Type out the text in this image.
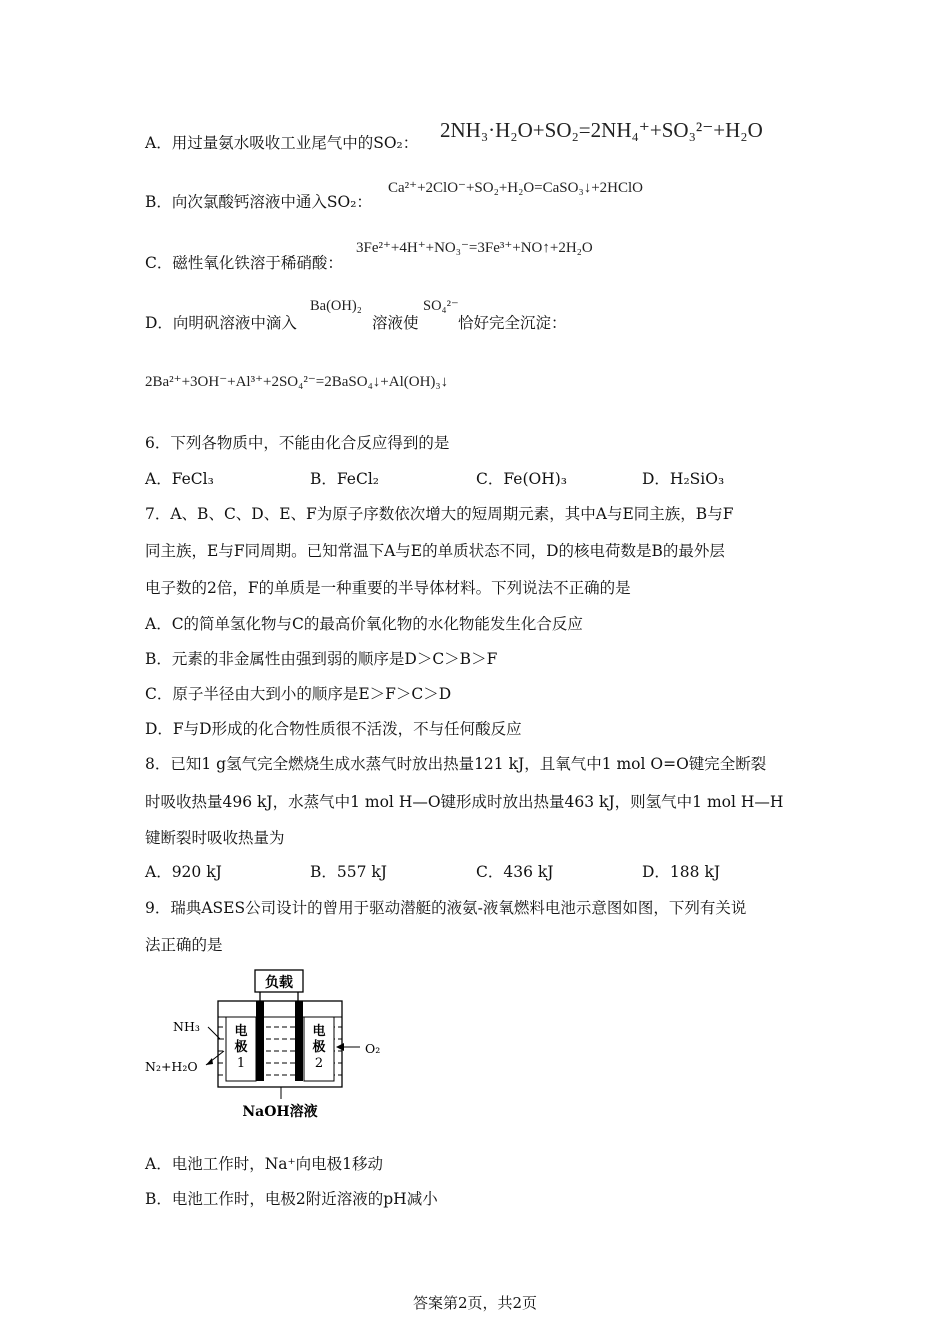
A．用过量氨水吸收工业尾气中的SO₂：
2NH₃·H₂O+SO₂=2NH₄⁺+SO₃²⁻+H₂O
B．向次氯酸钙溶液中通入SO₂：
Ca²⁺+2ClO⁻+SO₂+H₂O=CaSO₃↓+2HClO
C．磁性氧化铁溶于稀硝酸：
3Fe²⁺+4H⁺+NO₃⁻=3Fe³⁺+NO↑+2H₂O
D．向明矾溶液中滴入
Ba(OH)₂
溶液使
SO₄²⁻
恰好完全沉淀：
2Ba²⁺+3OH⁻+Al³⁺+2SO₄²⁻=2BaSO₄↓+Al(OH)₃↓
6．下列各物质中，不能由化合反应得到的是
A．FeCl₃	B．FeCl₂	C．Fe(OH)₃	D．H₂SiO₃
7．A、B、C、D、E、F为原子序数依次增大的短周期元素，其中A与E同主族，B与F
同主族，E与F同周期。已知常温下A与E的单质状态不同，D的核电荷数是B的最外层
电子数的2倍，F的单质是一种重要的半导体材料。下列说法不正确的是
A．C的简单氢化物与C的最高价氧化物的水化物能发生化合反应
B．元素的非金属性由强到弱的顺序是D＞C＞B＞F
C．原子半径由大到小的顺序是E＞F＞C＞D
D．F与D形成的化合物性质很不活泼，不与任何酸反应
8．已知1 g氢气完全燃烧生成水蒸气时放出热量121 kJ，且氧气中1 mol O=O键完全断裂
时吸收热量496 kJ，水蒸气中1 mol H—O键形成时放出热量463 kJ，则氢气中1 mol H—H
键断裂时吸收热量为
A．920 kJ	B．557 kJ	C．436 kJ	D．188 kJ
9．瑞典ASES公司设计的曾用于驱动潜艇的液氨-液氧燃料电池示意图如图，下列有关说
法正确的是
负载
电
极
1
电
极
2
NH₃
N₂+H₂O
O₂
NaOH溶液
A．电池工作时，Na⁺向电极1移动
B．电池工作时，电极2附近溶液的pH减小
答案第2页，共2页
